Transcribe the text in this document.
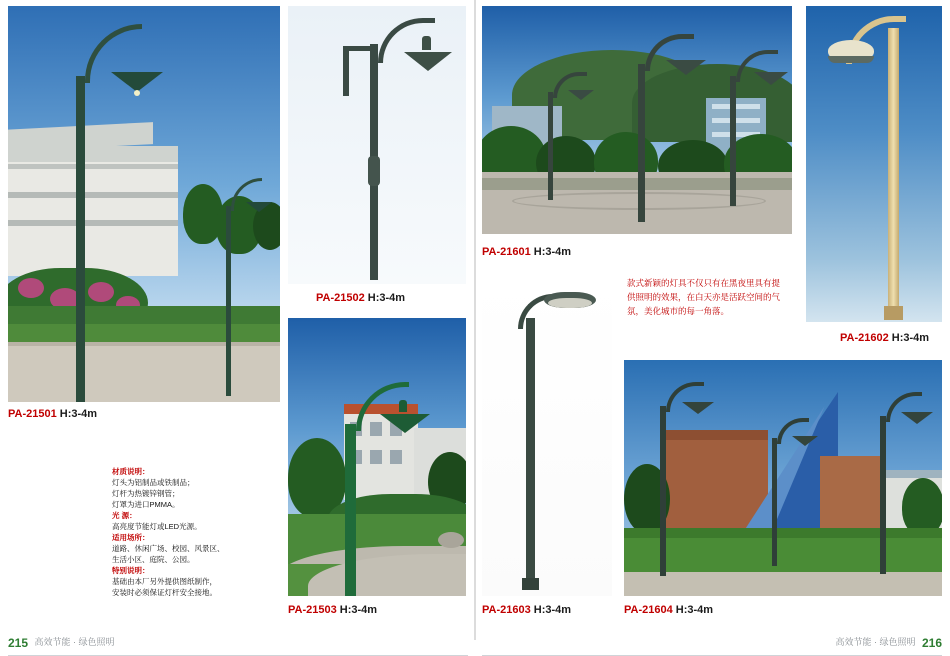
PA-21501 H:3-4m
PA-21502 H:3-4m
PA-21503 H:3-4m
PA-21601 H:3-4m
PA-21602 H:3-4m
PA-21603 H:3-4m	PA-21604 H:3-4m
材质说明：
灯头为铝制品或铁制品；
灯杆为热镀锌钢管；
灯罩为进口PMMA。
光 源：
高亮度节能灯或LED光源。
适用场所：
道路、休闲广场、校园、风景区、
生活小区、庭院、公园。
特别说明：
基础由本厂另外提供图纸制作，
安装时必须保证灯杆安全接地。
款式新颖的灯具不仅只有在黑夜里具有提供照明的效果，在白天亦是活跃空间的气氛，美化城市的每一角落。
215 高效节能 · 绿色照明	高效节能 · 绿色照明 216
